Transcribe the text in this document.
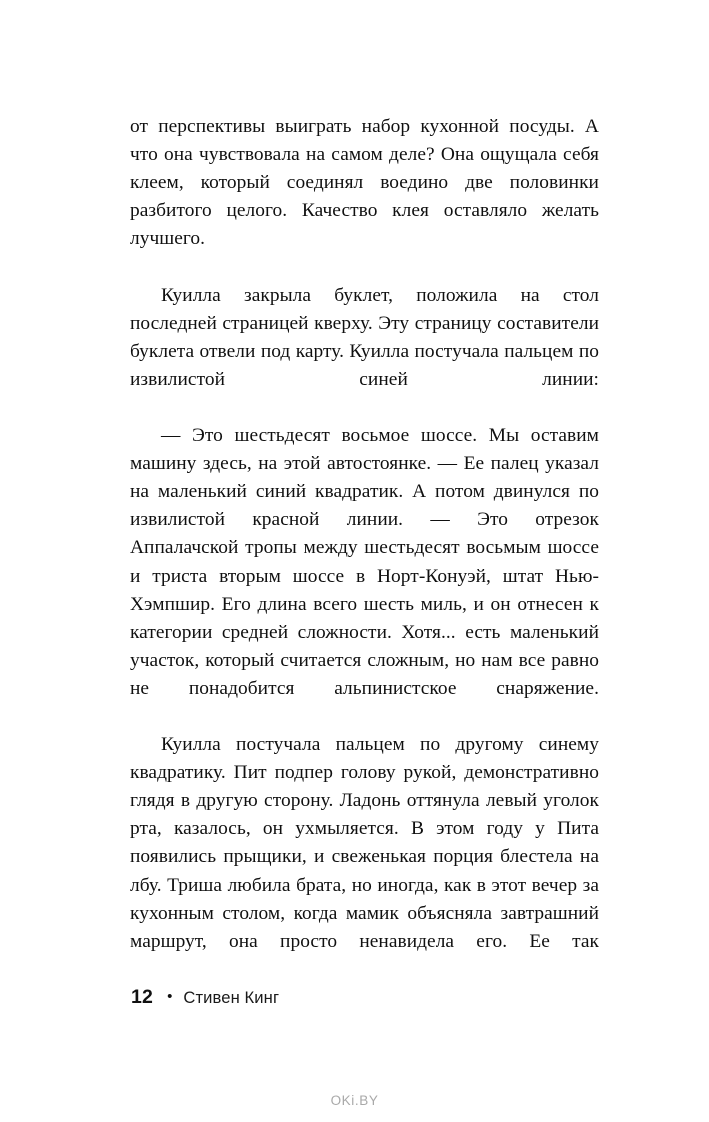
от перспективы выиграть набор кухонной посуды. А что она чувствовала на самом деле? Она ощущала себя клеем, который соединял воедино две половинки разбитого целого. Качество клея оставляло желать лучшего.

Куилла закрыла буклет, положила на стол последней страницей кверху. Эту страницу составители буклета отвели под карту. Куилла постучала пальцем по извилистой синей линии:

— Это шестьдесят восьмое шоссе. Мы оставим машину здесь, на этой автостоянке. — Ее палец указал на маленький синий квадратик. А потом двинулся по извилистой красной линии. — Это отрезок Аппалачской тропы между шестьдесят восьмым шоссе и триста вторым шоссе в Норт-Конуэй, штат Нью-Хэмпшир. Его длина всего шесть миль, и он отнесен к категории средней сложности. Хотя... есть маленький участок, который считается сложным, но нам все равно не понадобится альпинистское снаряжение.

Куилла постучала пальцем по другому синему квадратику. Пит подпер голову рукой, демонстративно глядя в другую сторону. Ладонь оттянула левый уголок рта, казалось, он ухмыляется. В этом году у Пита появились прыщики, и свеженькая порция блестела на лбу. Триша любила брата, но иногда, как в этот вечер за кухонным столом, когда мамик объясняла завтрашний маршрут, она просто ненавидела его. Ее так

12 • Стивен Кинг
OKi.BY
